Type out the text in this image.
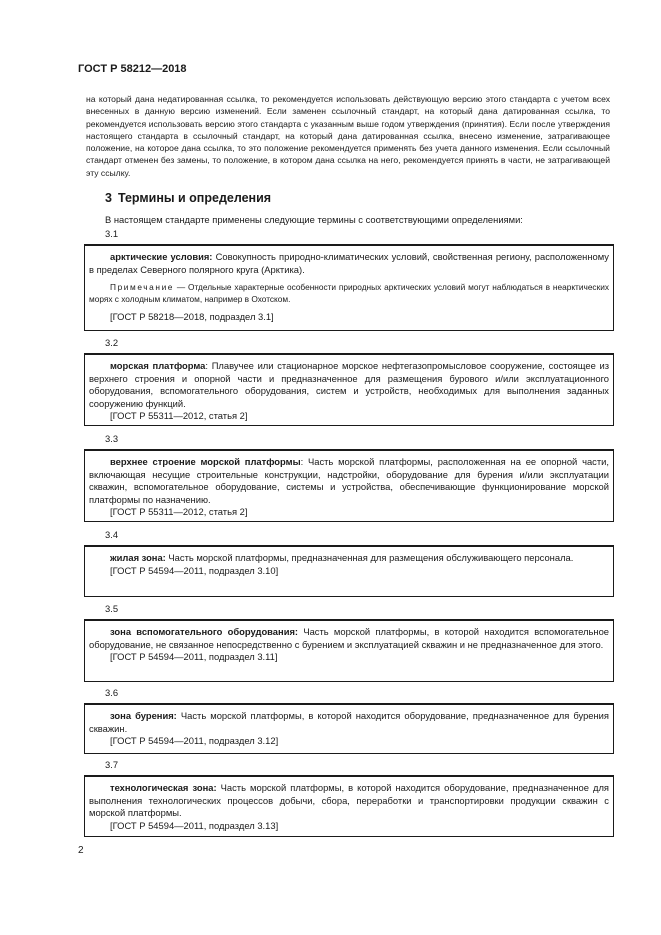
ГОСТ Р 58212—2018
на который дана недатированная ссылка, то рекомендуется использовать действующую версию этого стандарта с учетом всех внесенных в данную версию изменений. Если заменен ссылочный стандарт, на который дана датированная ссылка, то рекомендуется использовать версию этого стандарта с указанным выше годом утверждения (принятия). Если после утверждения настоящего стандарта в ссылочный стандарт, на который дана датированная ссылка, внесено изменение, затрагивающее положение, на которое дана ссылка, то это положение рекомендуется применять без учета данного изменения. Если ссылочный стандарт отменен без замены, то положение, в котором дана ссылка на него, рекомендуется принять в части, не затрагивающей эту ссылку.
3 Термины и определения
В настоящем стандарте применены следующие термины с соответствующими определениями:
3.1

арктические условия: Совокупность природно-климатических условий, свойственная региону, расположенному в пределах Северного полярного круга (Арктика).

Примечание — Отдельные характерные особенности природных арктических условий могут наблюдаться в неарктических морях с холодным климатом, например в Охотском.

[ГОСТ Р 58218—2018, подраздел 3.1]

3.2

морская платформа: Плавучее или стационарное морское нефтегазопромысловое сооружение, состоящее из верхнего строения и опорной части и предназначенное для размещения бурового и/или эксплуатационного оборудования, вспомогательного оборудования, систем и устройств, необходимых для выполнения заданных сооружению функций.

[ГОСТ Р 55311—2012, статья 2]

3.3

верхнее строение морской платформы: Часть морской платформы, расположенная на ее опорной части, включающая несущие строительные конструкции, надстройки, оборудование для бурения и/или эксплуатации скважин, вспомогательное оборудование, системы и устройства, обеспечивающие функционирование морской платформы по назначению.

[ГОСТ Р 55311—2012, статья 2]

3.4

жилая зона: Часть морской платформы, предназначенная для размещения обслуживающего персонала.

[ГОСТ Р 54594—2011, подраздел 3.10]

3.5

зона вспомогательного оборудования: Часть морской платформы, в которой находится вспомогательное оборудование, не связанное непосредственно с бурением и эксплуатацией скважин и не предназначенное для этого.

[ГОСТ Р 54594—2011, подраздел 3.11]

3.6

зона бурения: Часть морской платформы, в которой находится оборудование, предназначенное для бурения скважин.

[ГОСТ Р 54594—2011, подраздел 3.12]

3.7

технологическая зона: Часть морской платформы, в которой находится оборудование, предназначенное для выполнения технологических процессов добычи, сбора, переработки и транспортировки продукции скважин с морской платформы.

[ГОСТ Р 54594—2011, подраздел 3.13]

2
